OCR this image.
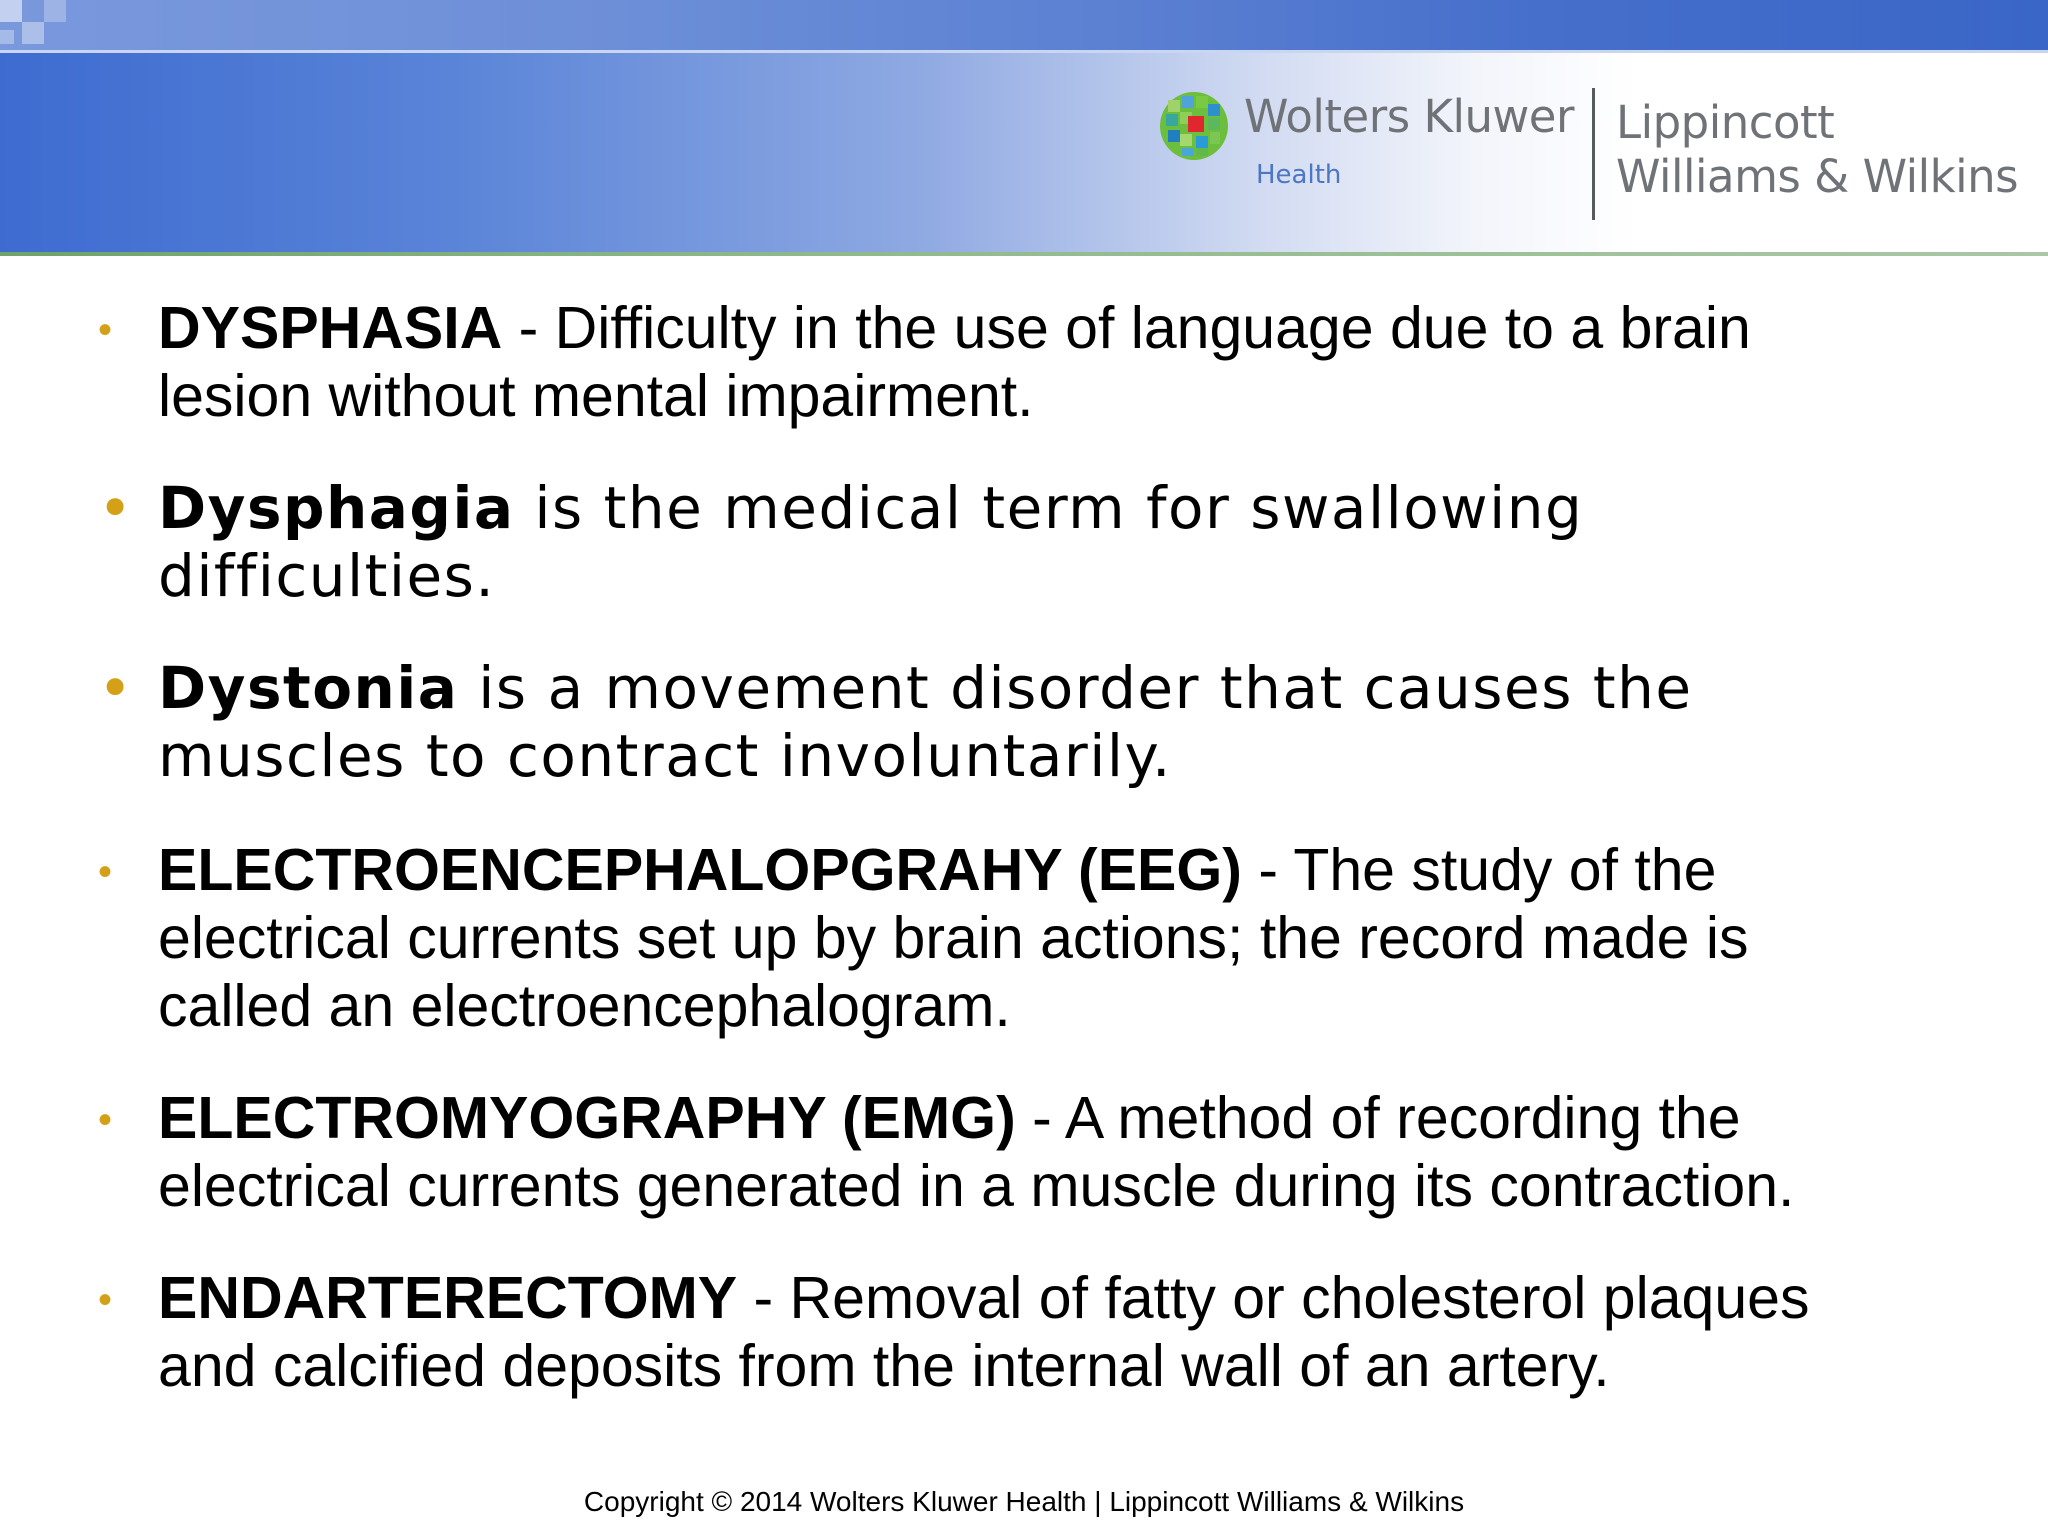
Wolters Kluwer
Health
Lippincott
Williams & Wilkins
• DYSPHASIA - Difficulty in the use of language due to a brain lesion without mental impairment.
• Dysphagia is the medical term for swallowing difficulties.
• Dystonia is a movement disorder that causes the muscles to contract involuntarily.
• ELECTROENCEPHALOPGRAHY (EEG) - The study of the electrical currents set up by brain actions; the record made is called an electroencephalogram.
• ELECTROMYOGRAPHY (EMG) - A method of recording the electrical currents generated in a muscle during its contraction.
• ENDARTERECTOMY - Removal of fatty or cholesterol plaques and calcified deposits from the internal wall of an artery.
Copyright © 2014 Wolters Kluwer Health | Lippincott Williams & Wilkins
